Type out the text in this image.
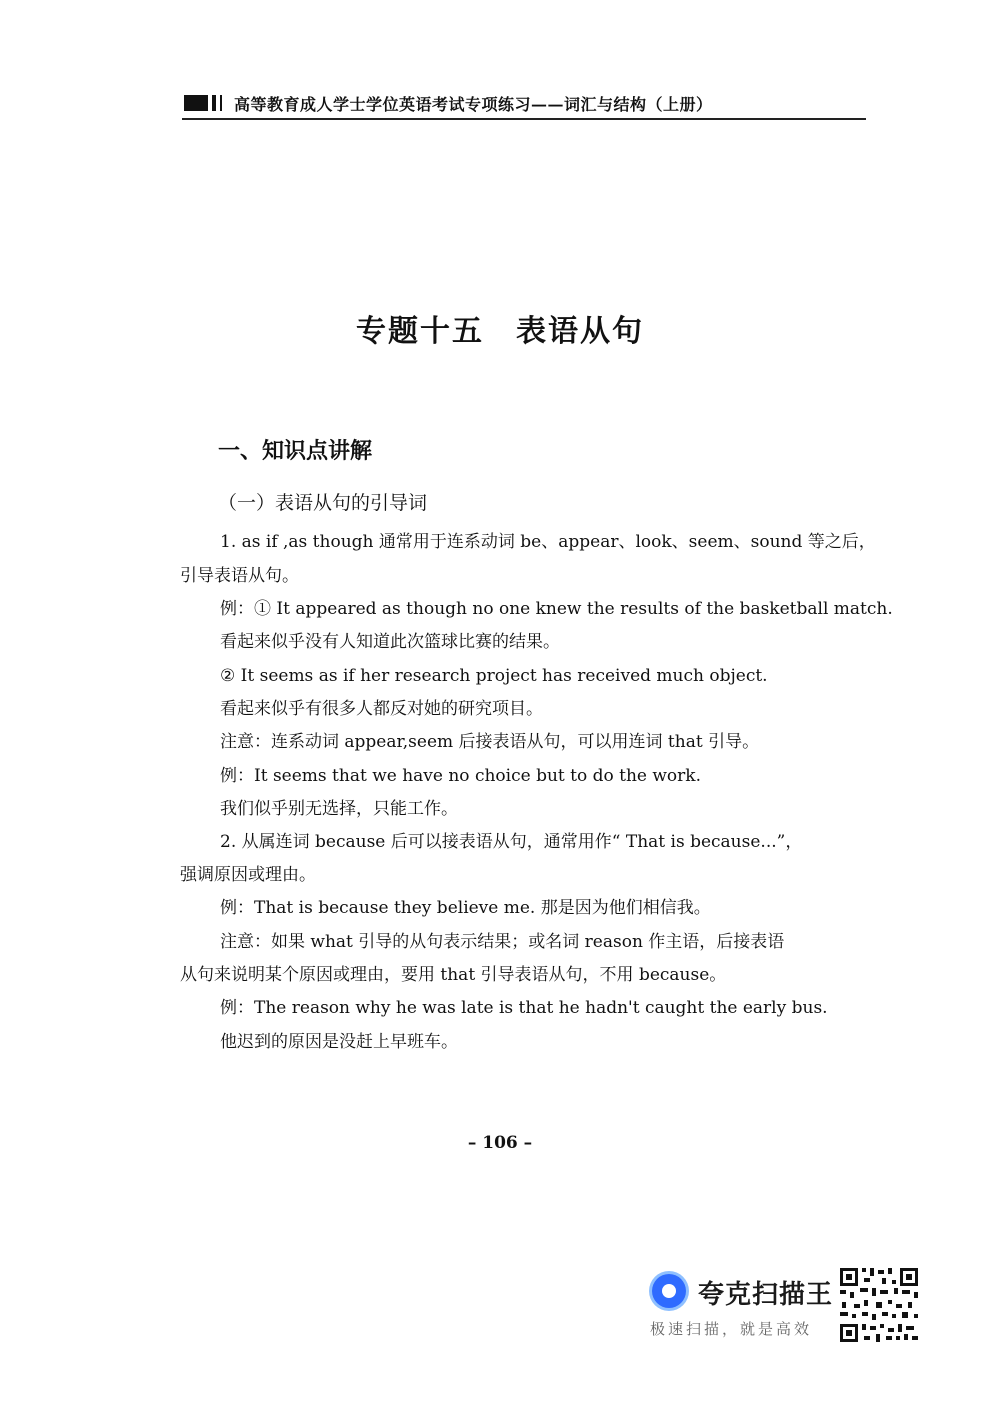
高等教育成人学士学位英语考试专项练习——词汇与结构（上册）
专题十五　表语从句
一、知识点讲解
（一）表语从句的引导词
1. as if ,as though 通常用于连系动词 be、appear、look、seem、sound 等之后，
引导表语从句。
例：① It appeared as though no one knew the results of the basketball match.
看起来似乎没有人知道此次篮球比赛的结果。
② It seems as if her research project has received much object.
看起来似乎有很多人都反对她的研究项目。
注意：连系动词 appear,seem 后接表语从句，可以用连词 that 引导。
例：It seems that we have no choice but to do the work.
我们似乎别无选择，只能工作。
2. 从属连词 because 后可以接表语从句，通常用作“ That is because...”，
强调原因或理由。
例：That is because they believe me. 那是因为他们相信我。
注意：如果 what 引导的从句表示结果；或名词 reason 作主语，后接表语
从句来说明某个原因或理由，要用 that 引导表语从句，不用 because。
例：The reason why he was late is that he hadn't caught the early bus.
他迟到的原因是没赶上早班车。
– 106 –
夸克扫描王
极速扫描，就是高效
